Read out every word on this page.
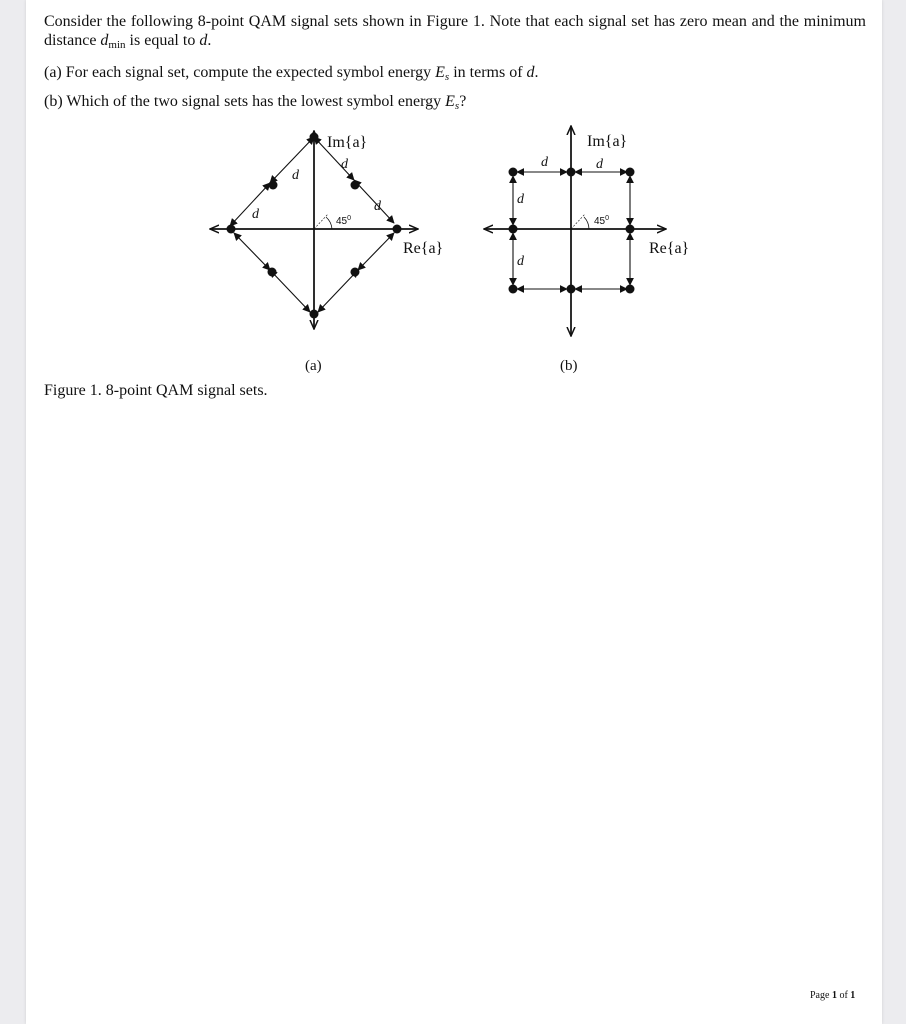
Consider the following 8-point QAM signal sets shown in Figure 1. Note that each signal set has zero mean and the minimum distance dmin is equal to d.
(a) For each signal set, compute the expected symbol energy Es in terms of d.
(b) Which of the two signal sets has the lowest symbol energy Es?
$45^0$
Im{a}
Re{a}
d
d
d
d
(a)
$45^0$
Im{a}
Re{a}
d	d
d
d
(b)
Figure 1. 8-point QAM signal sets.
Page 1 of 1
